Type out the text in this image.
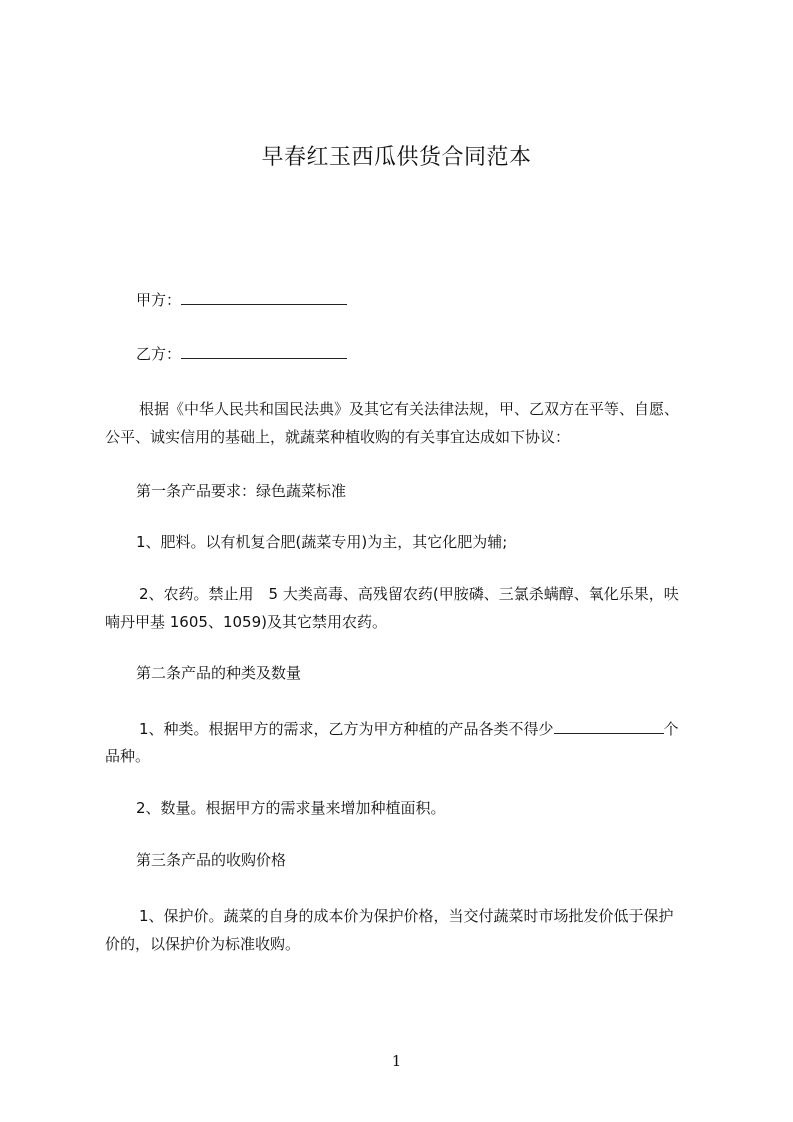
早春红玉西瓜供货合同范本

甲方：

乙方：

根据《中华人民共和国民法典》及其它有关法律法规，甲、乙双方在平等、自愿、

公平、诚实信用的基础上，就蔬菜种植收购的有关事宜达成如下协议：

第一条产品要求：绿色蔬菜标准

1、肥料。以有机复合肥(蔬菜专用)为主，其它化肥为辅;

2、农药。禁止用　5 大类高毒、高残留农药(甲胺磷、三氯杀螨醇、氧化乐果，呋

喃丹甲基 1605、1059)及其它禁用农药。

第二条产品的种类及数量

1、种类。根据甲方的需求，乙方为甲方种植的产品各类不得少	个

品种。

2、数量。根据甲方的需求量来增加种植面积。

第三条产品的收购价格

1、保护价。蔬菜的自身的成本价为保护价格，当交付蔬菜时市场批发价低于保护

价的，以保护价为标准收购。

1
